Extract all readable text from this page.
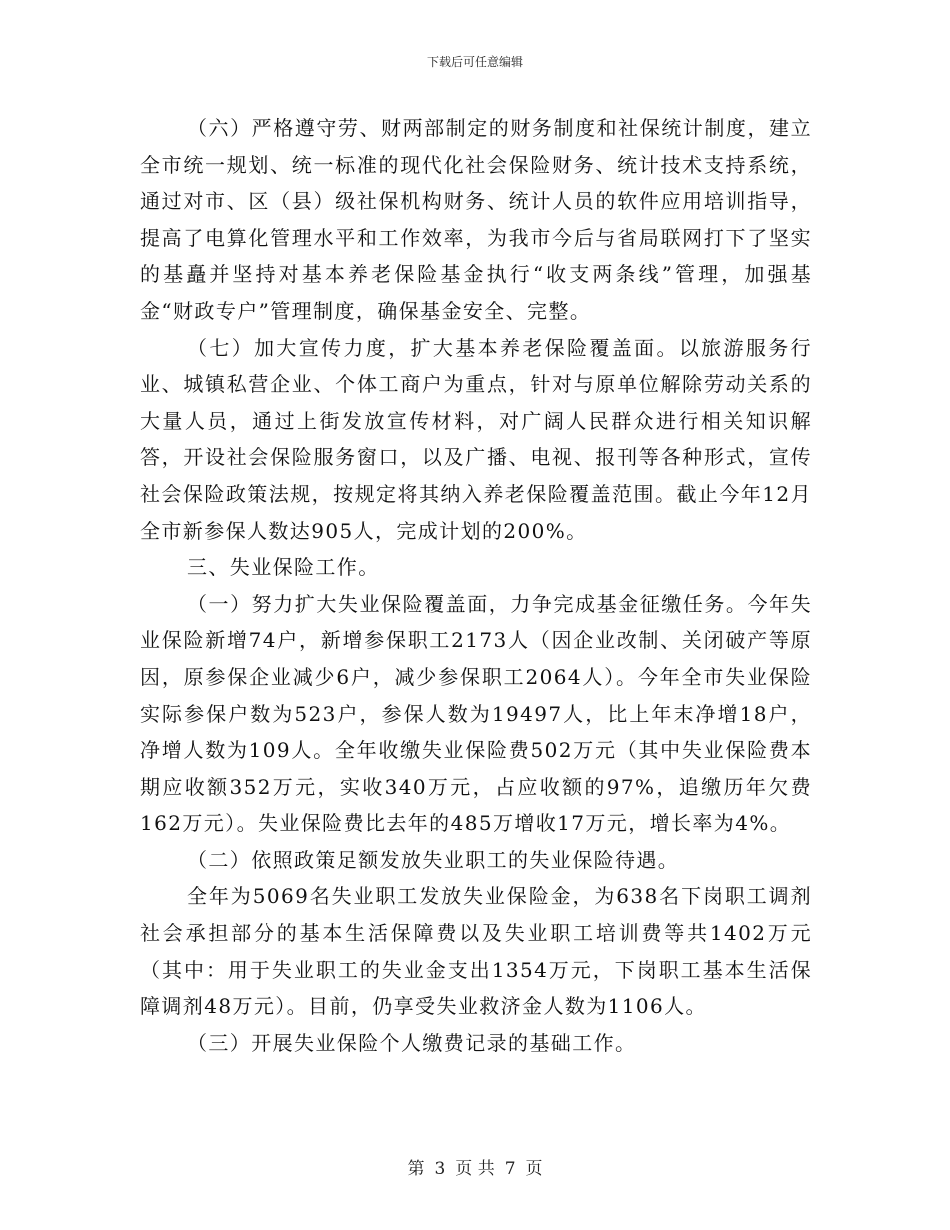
下载后可任意编辑

（六）严格遵守劳、财两部制定的财务制度和社保统计制度，建立全市统一规划、统一标准的现代化社会保险财务、统计技术支持系统，通过对市、区（县）级社保机构财务、统计人员的软件应用培训指导，提高了电算化管理水平和工作效率，为我市今后与省局联网打下了坚实的基矗并坚持对基本养老保险基金执行“收支两条线”管理，加强基金“财政专户”管理制度，确保基金安全、完整。

（七）加大宣传力度，扩大基本养老保险覆盖面。以旅游服务行业、城镇私营企业、个体工商户为重点，针对与原单位解除劳动关系的大量人员，通过上街发放宣传材料，对广阔人民群众进行相关知识解答，开设社会保险服务窗口，以及广播、电视、报刊等各种形式，宣传社会保险政策法规，按规定将其纳入养老保险覆盖范围。截止今年12月全市新参保人数达905人，完成计划的200%。

三、失业保险工作。

（一）努力扩大失业保险覆盖面，力争完成基金征缴任务。今年失业保险新增74户，新增参保职工2173人（因企业改制、关闭破产等原因，原参保企业减少6户，减少参保职工2064人）。今年全市失业保险实际参保户数为523户，参保人数为19497人，比上年末净增18户，净增人数为109人。全年收缴失业保险费502万元（其中失业保险费本期应收额352万元，实收340万元，占应收额的97%，追缴历年欠费162万元）。失业保险费比去年的485万增收17万元，增长率为4%。

（二）依照政策足额发放失业职工的失业保险待遇。

全年为5069名失业职工发放失业保险金，为638名下岗职工调剂社会承担部分的基本生活保障费以及失业职工培训费等共1402万元（其中：用于失业职工的失业金支出1354万元，下岗职工基本生活保障调剂48万元）。目前，仍享受失业救济金人数为1106人。

（三）开展失业保险个人缴费记录的基础工作。

第 3 页 共 7 页
